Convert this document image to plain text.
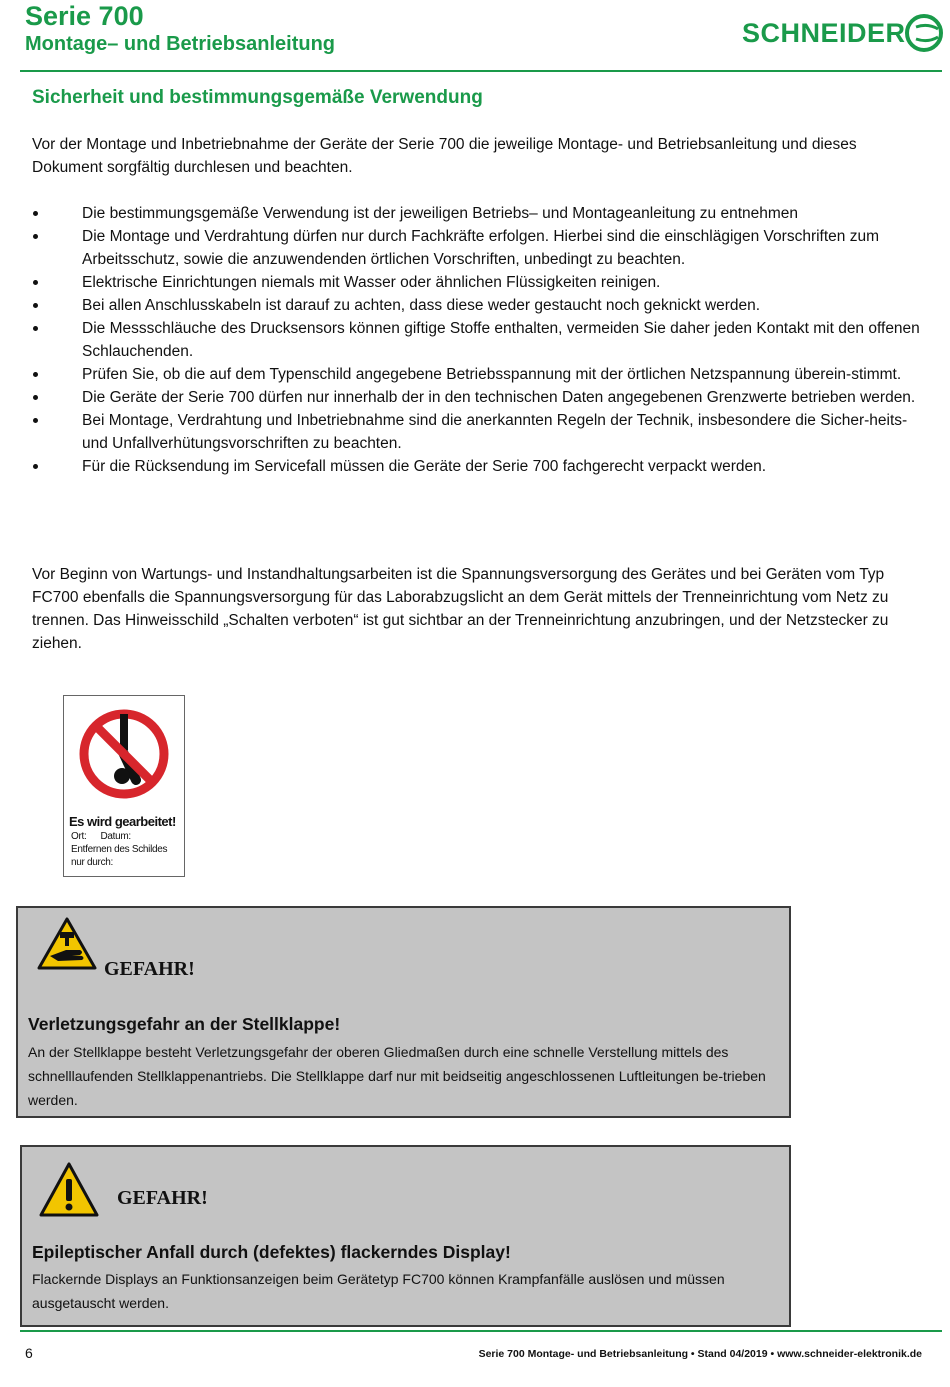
Serie 700
Montage– und Betriebsanleitung	SCHNEIDER
Sicherheit und bestimmungsgemäße Verwendung
Vor der Montage und Inbetriebnahme der Geräte der Serie 700 die jeweilige Montage- und Betriebsanleitung und dieses Dokument sorgfältig durchlesen und beachten.
Die bestimmungsgemäße Verwendung ist der jeweiligen Betriebs– und Montageanleitung zu entnehmen
Die Montage und Verdrahtung dürfen nur durch Fachkräfte erfolgen. Hierbei sind die einschlägigen Vorschriften zum Arbeitsschutz, sowie die anzuwendenden örtlichen Vorschriften, unbedingt zu beachten.
Elektrische Einrichtungen niemals mit Wasser oder ähnlichen Flüssigkeiten reinigen.
Bei allen Anschlusskabeln ist darauf zu achten, dass diese weder gestaucht noch geknickt werden.
Die Messschläuche des Drucksensors können giftige Stoffe enthalten, vermeiden Sie daher jeden Kontakt mit den offenen Schlauchenden.
Prüfen Sie, ob die auf dem Typenschild angegebene Betriebsspannung mit der örtlichen Netzspannung überein-stimmt.
Die Geräte der Serie 700 dürfen nur innerhalb der in den technischen Daten angegebenen Grenzwerte betrieben werden.
Bei Montage, Verdrahtung und Inbetriebnahme sind die anerkannten Regeln der Technik, insbesondere die Sicher-heits- und Unfallverhütungsvorschriften zu beachten.
Für die Rücksendung im Servicefall müssen die Geräte der Serie 700 fachgerecht verpackt werden.
Vor Beginn von Wartungs- und Instandhaltungsarbeiten ist die Spannungsversorgung des Gerätes und bei Geräten vom Typ FC700 ebenfalls die Spannungsversorgung für das Laborabzugslicht an dem Gerät mittels der Trenneinrichtung vom Netz zu trennen. Das Hinweisschild „Schalten verboten“ ist gut sichtbar an der Trenneinrichtung anzubringen, und der Netzstecker zu ziehen.
Es wird gearbeitet!
Ort: Datum:
Entfernen des Schildes
nur durch:
GEFAHR!
Verletzungsgefahr an der Stellklappe!
An der Stellklappe besteht Verletzungsgefahr der oberen Gliedmaßen durch eine schnelle Verstellung mittels des schnelllaufenden Stellklappenantriebs. Die Stellklappe darf nur mit beidseitig angeschlossenen Luftleitungen be-trieben werden.
GEFAHR!
Epileptischer Anfall durch (defektes) flackerndes Display!
Flackernde Displays an Funktionsanzeigen beim Gerätetyp FC700 können Krampfanfälle auslösen und müssen ausgetauscht werden.
6	Serie 700 Montage- und Betriebsanleitung • Stand 04/2019 • www.schneider-elektronik.de
